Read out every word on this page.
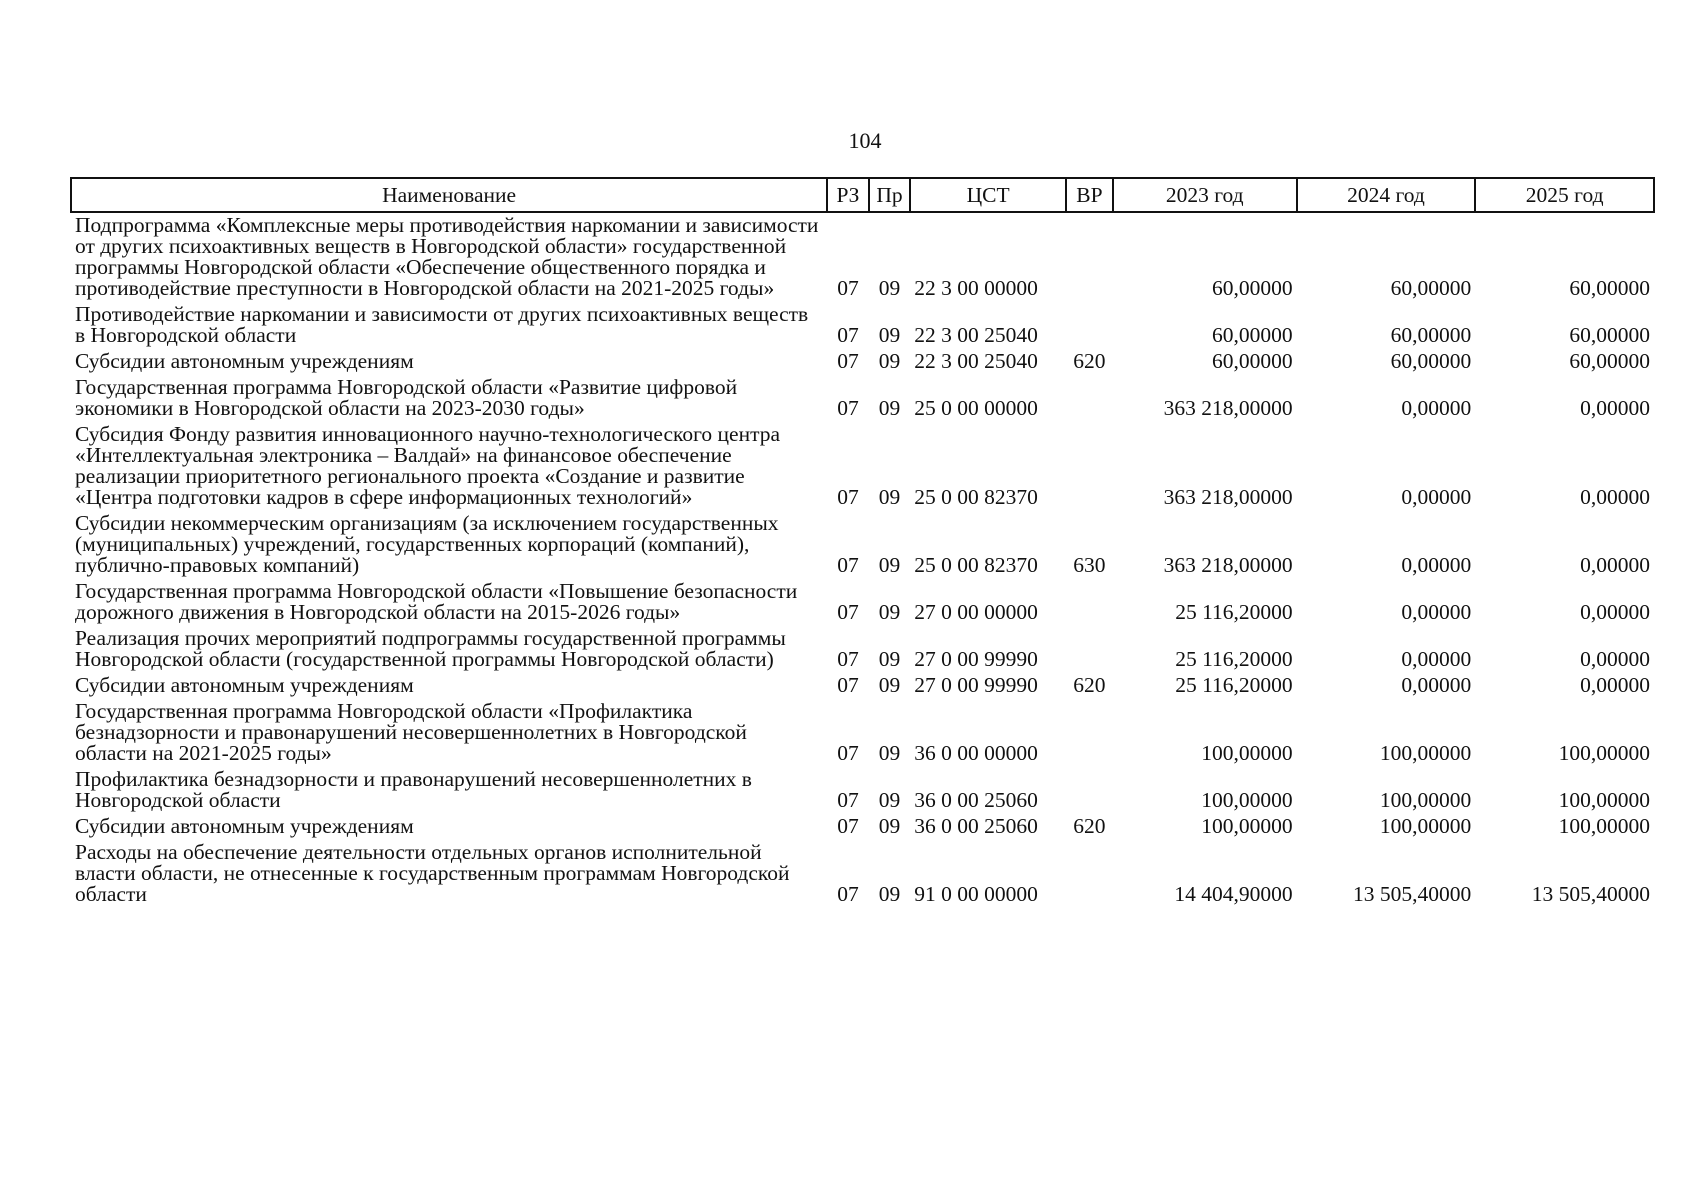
104
Наименование	РЗ	Пр	ЦСТ	ВР	2023 год	2024 год	2025 год
Подпрограмма «Комплексные меры противодействия наркомании и зависимости от других психоактивных веществ в Новгородской области» государственной программы Новгородской области «Обеспечение общественного порядка и противодействие преступности в Новгородской области на 2021-2025 годы»	07	09	22 3 00 00000		60,00000	60,00000	60,00000
Противодействие наркомании и зависимости от других психоактивных веществ в Новгородской области	07	09	22 3 00 25040		60,00000	60,00000	60,00000
Субсидии автономным учреждениям	07	09	22 3 00 25040	620	60,00000	60,00000	60,00000
Государственная программа Новгородской области «Развитие цифровой экономики в Новгородской области на 2023-2030 годы»	07	09	25 0 00 00000		363 218,00000	0,00000	0,00000
Субсидия Фонду развития инновационного научно-технологического центра «Интеллектуальная электроника – Валдай» на финансовое обеспечение реализации приоритетного регионального проекта «Создание и развитие «Центра подготовки кадров в сфере информационных технологий»	07	09	25 0 00 82370		363 218,00000	0,00000	0,00000
Субсидии некоммерческим организациям (за исключением государственных (муниципальных) учреждений, государственных корпораций (компаний), публично-правовых компаний)	07	09	25 0 00 82370	630	363 218,00000	0,00000	0,00000
Государственная программа Новгородской области «Повышение безопасности дорожного движения в Новгородской области на 2015-2026 годы»	07	09	27 0 00 00000		25 116,20000	0,00000	0,00000
Реализация прочих мероприятий подпрограммы государственной программы Новгородской области (государственной программы Новгородской области)	07	09	27 0 00 99990		25 116,20000	0,00000	0,00000
Субсидии автономным учреждениям	07	09	27 0 00 99990	620	25 116,20000	0,00000	0,00000
Государственная программа Новгородской области «Профилактика безнадзорности и правонарушений несовершеннолетних в Новгородской области на 2021-2025 годы»	07	09	36 0 00 00000		100,00000	100,00000	100,00000
Профилактика безнадзорности и правонарушений несовершеннолетних в Новгородской области	07	09	36 0 00 25060		100,00000	100,00000	100,00000
Субсидии автономным учреждениям	07	09	36 0 00 25060	620	100,00000	100,00000	100,00000
Расходы на обеспечение деятельности отдельных органов исполнительной власти области, не отнесенные к государственным программам Новгородской области	07	09	91 0 00 00000		14 404,90000	13 505,40000	13 505,40000
